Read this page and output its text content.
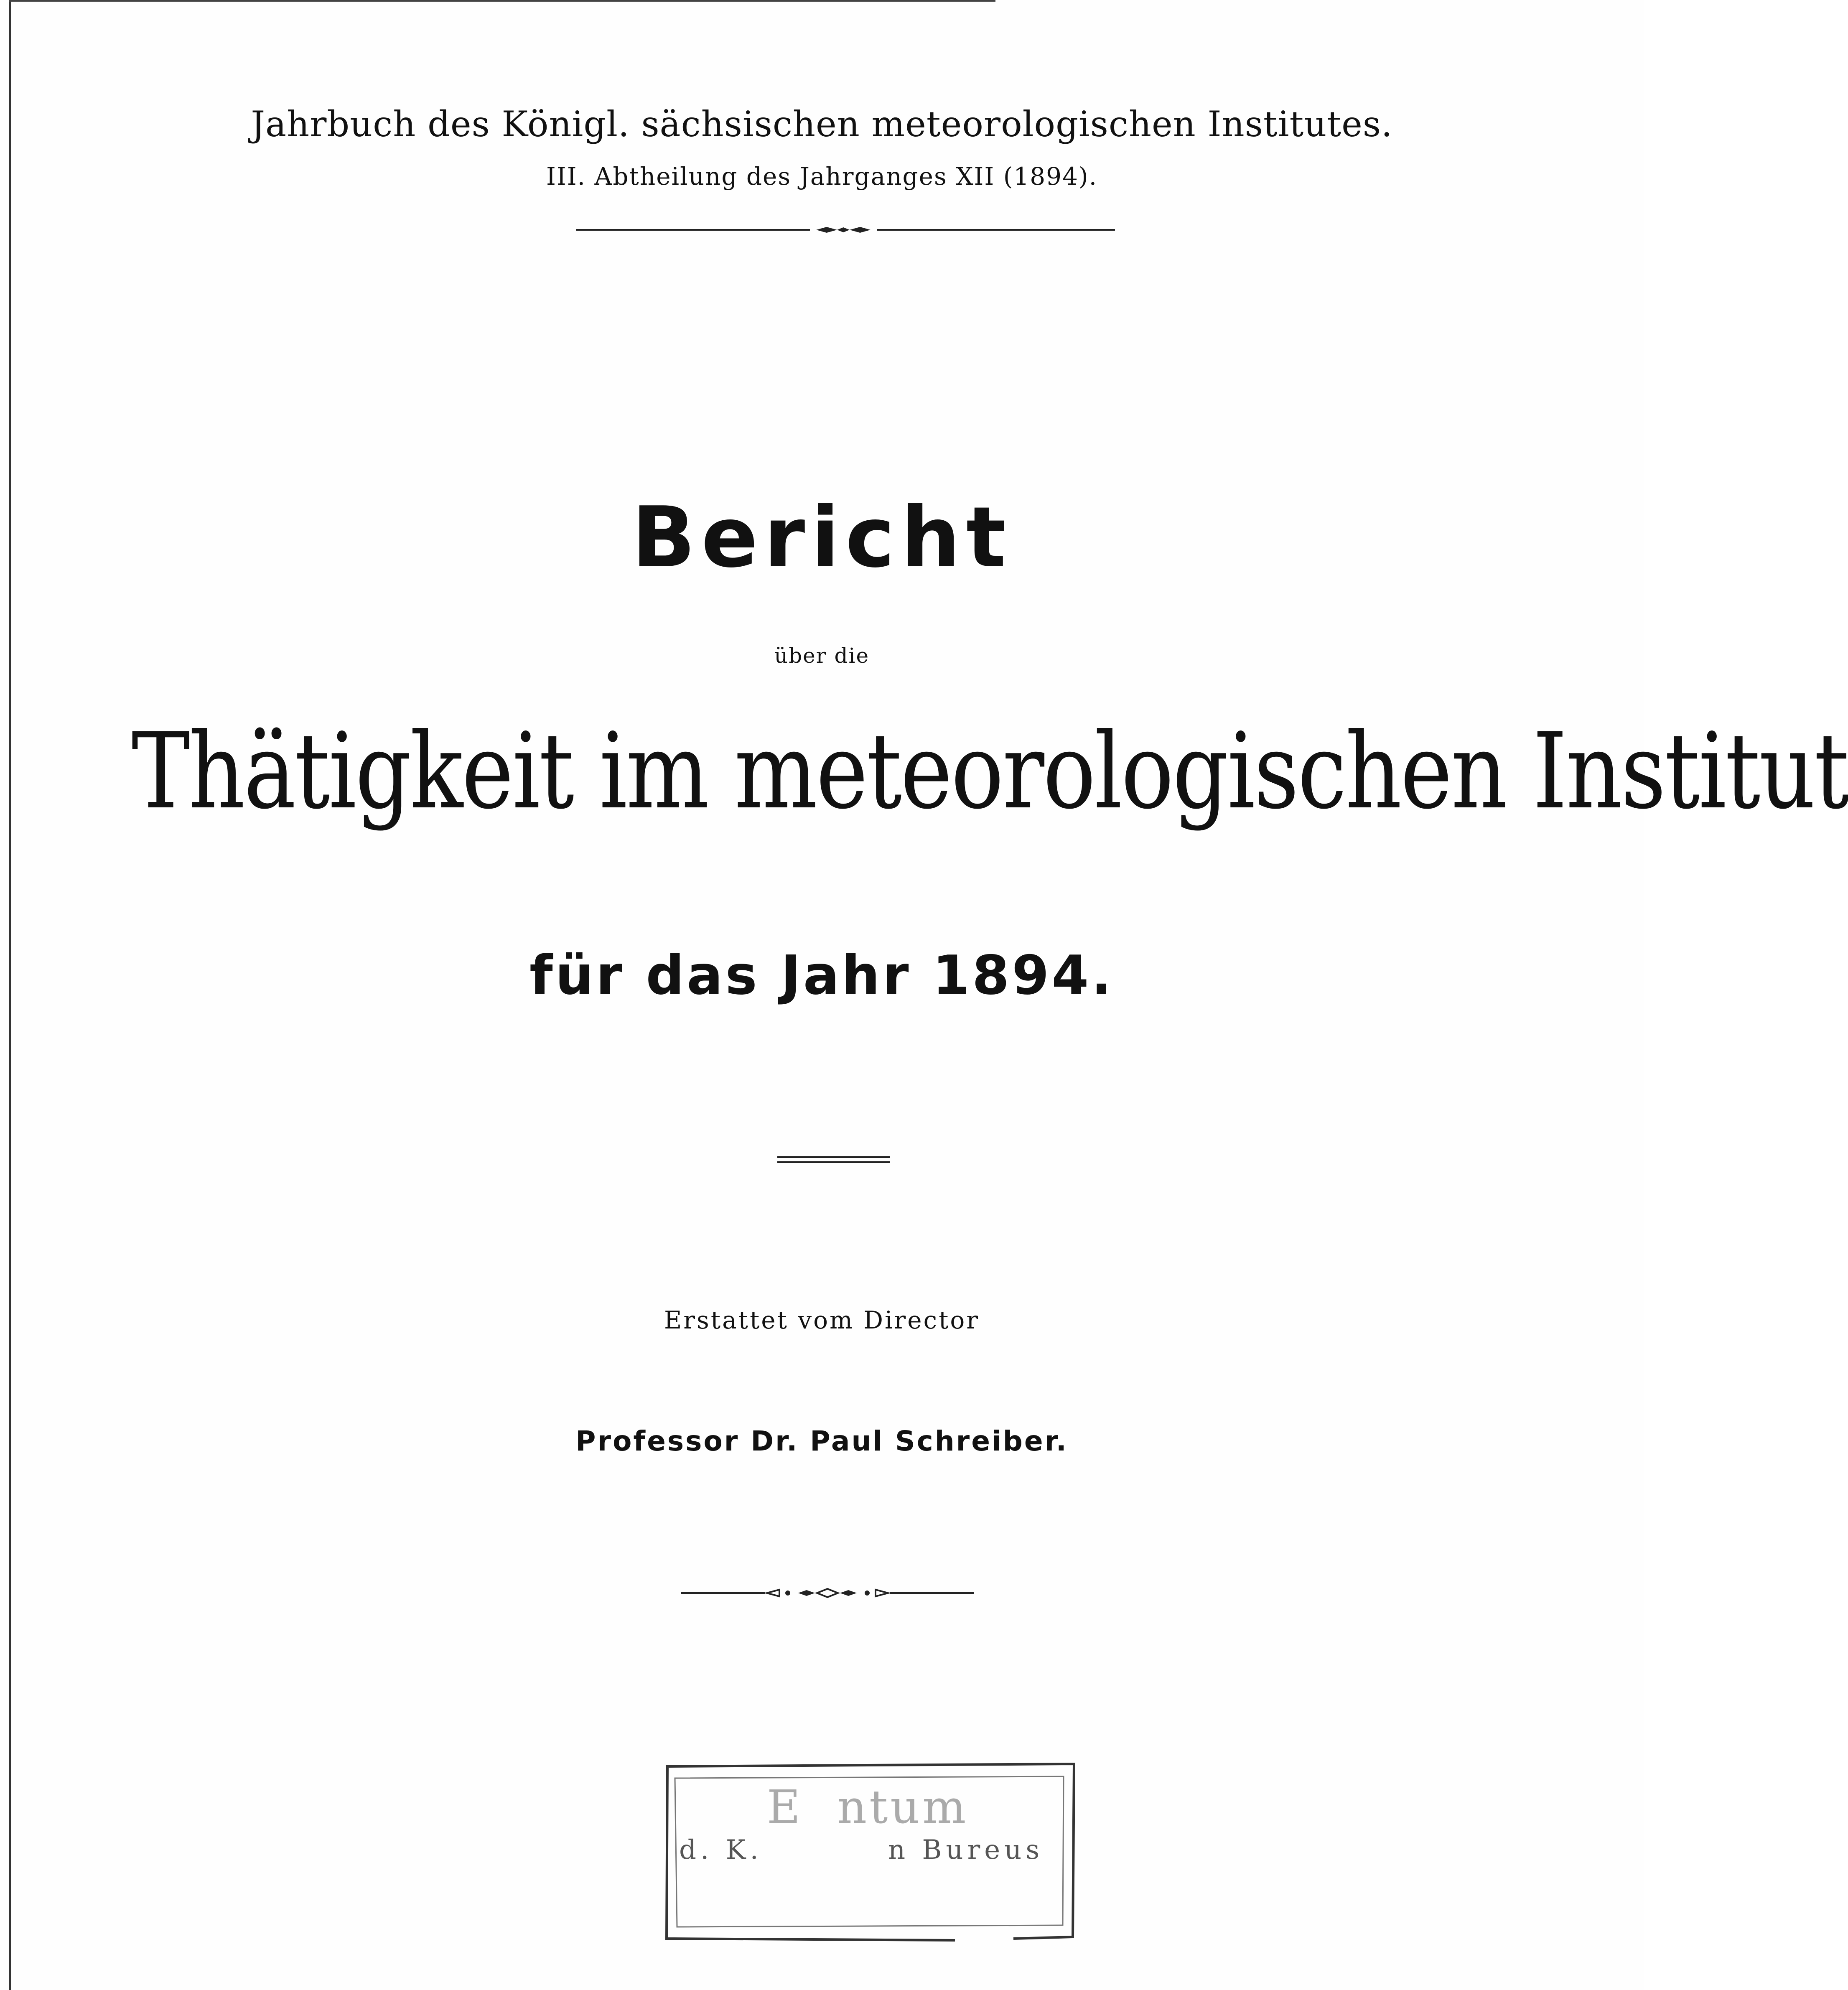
Jahrbuch des Königl. sächsischen meteorologischen Institutes.
III. Abtheilung des Jahrganges XII (1894).
Bericht
über die
Thätigkeit im meteorologischen Institut
für das Jahr 1894.
Erstattet vom Director
Professor Dr. Paul Schreiber.
E  ntum
d. K.	n Bureus
